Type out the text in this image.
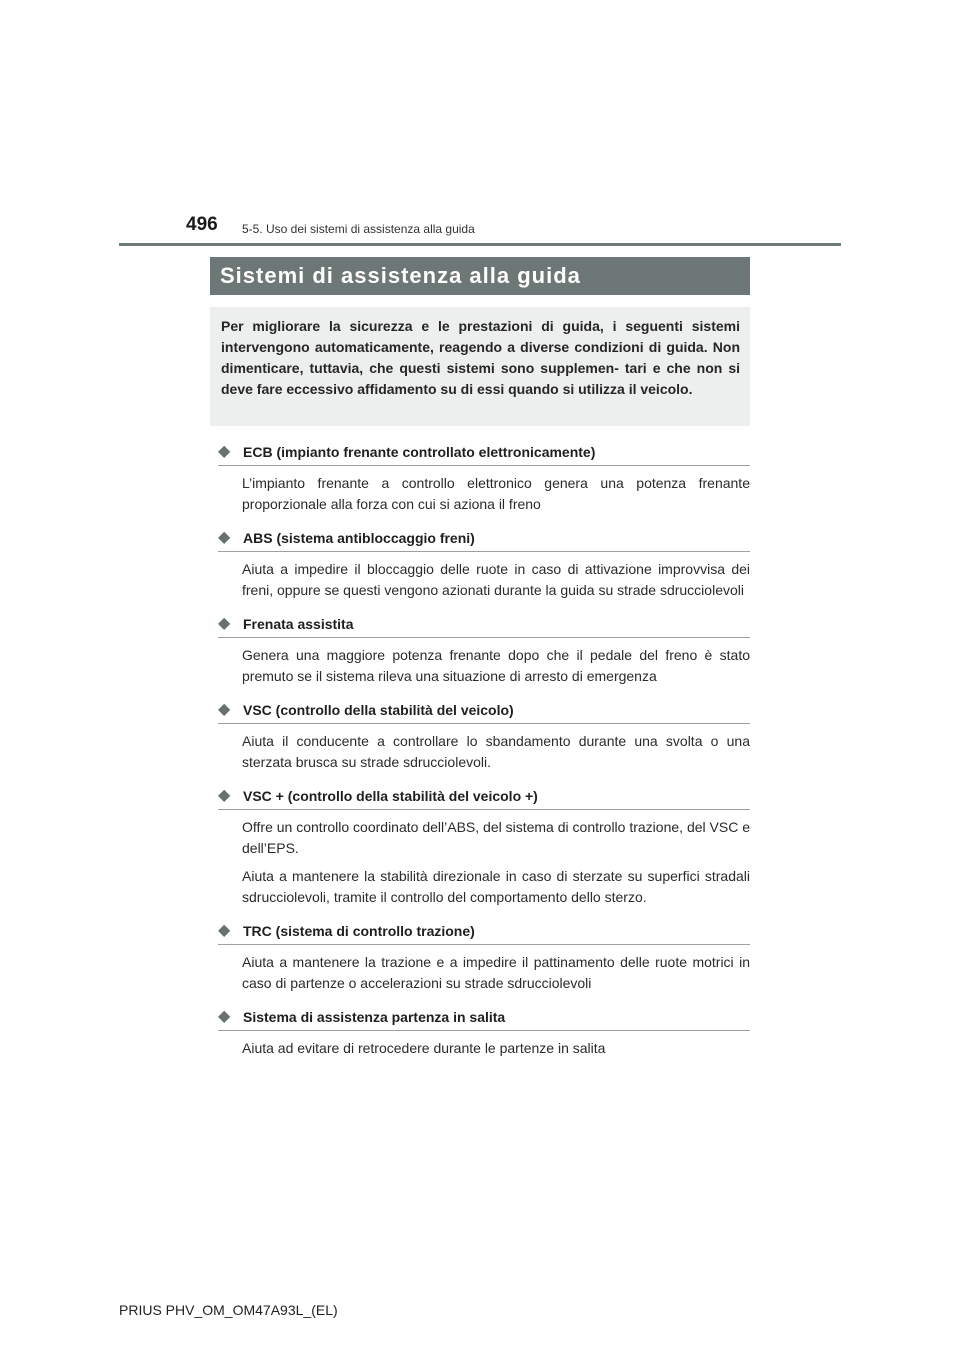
496 5-5. Uso dei sistemi di assistenza alla guida
Sistemi di assistenza alla guida

Per migliorare la sicurezza e le prestazioni di guida, i seguenti sistemi intervengono automaticamente, reagendo a diverse condizioni di guida. Non dimenticare, tuttavia, che questi sistemi sono supplemen- tari e che non si deve fare eccessivo affidamento su di essi quando si utilizza il veicolo.

◆ ECB (impianto frenante controllato elettronicamente)

L’impianto frenante a controllo elettronico genera una potenza frenante proporzionale alla forza con cui si aziona il freno

◆ ABS (sistema antibloccaggio freni)

Aiuta a impedire il bloccaggio delle ruote in caso di attivazione improvvisa dei freni, oppure se questi vengono azionati durante la guida su strade sdrucciolevoli

◆ Frenata assistita

Genera una maggiore potenza frenante dopo che il pedale del freno è stato premuto se il sistema rileva una situazione di arresto di emergenza

◆ VSC (controllo della stabilità del veicolo)

Aiuta il conducente a controllare lo sbandamento durante una svolta o una sterzata brusca su strade sdrucciolevoli.

◆ VSC + (controllo della stabilità del veicolo +)

Offre un controllo coordinato dell’ABS, del sistema di controllo trazione, del VSC e dell’EPS.

Aiuta a mantenere la stabilità direzionale in caso di sterzate su superfici stradali sdrucciolevoli, tramite il controllo del comportamento dello sterzo.

◆ TRC (sistema di controllo trazione)

Aiuta a mantenere la trazione e a impedire il pattinamento delle ruote motrici in caso di partenze o accelerazioni su strade sdrucciolevoli

◆ Sistema di assistenza partenza in salita

Aiuta ad evitare di retrocedere durante le partenze in salita

PRIUS PHV_OM_OM47A93L_(EL)
